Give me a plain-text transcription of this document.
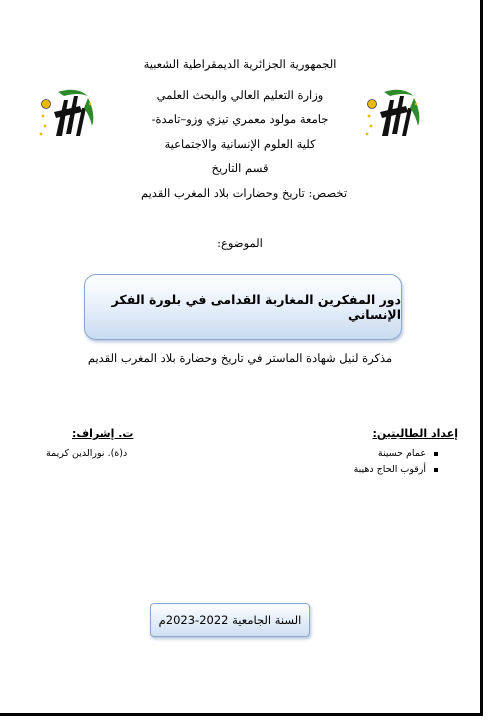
الجمهورية الجزائرية الديمقراطية الشعبية
وزارة التعليم العالي والبحث العلمي
جامعة مولود معمري تيزي وزو–تامدة-
كلية العلوم الإنسانية والاجتماعية
قسم التاريخ
تخصص: تاريخ وحضارات بلاد المغرب القديم
الموضوع:
دور المفكرين المغاربة القدامى في بلورة الفكر الإنساني
مذكرة لنيل شهادة الماستر في تاريخ وحضارة بلاد المغرب القديم
إعداد الطالبتين:
عمام حسينة
أرقوب الحاج دهيبة
ت. إشراف:
د(ة). نورالدين كريمة
السنة الجامعية 2022-2023م
